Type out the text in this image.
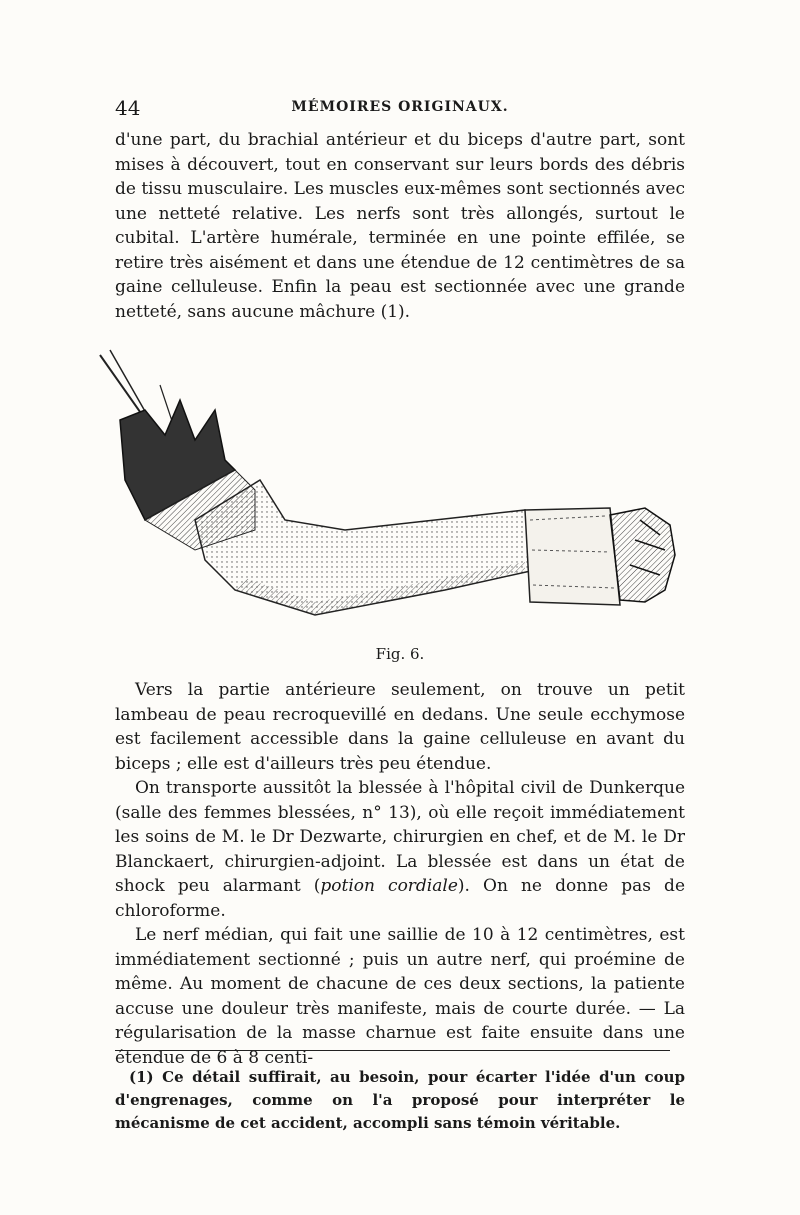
44	MÉMOIRES ORIGINAUX.

d'une part, du brachial antérieur et du biceps d'autre part, sont mises à découvert, tout en conservant sur leurs bords des débris de tissu musculaire. Les muscles eux-mêmes sont sectionnés avec une netteté relative. Les nerfs sont très allongés, surtout le cubital. L'artère humérale, terminée en une pointe effilée, se retire très aisément et dans une étendue de 12 centimètres de sa gaine celluleuse. Enfin la peau est sectionnée avec une grande netteté, sans aucune mâchure (1).

Fig. 6.

Vers la partie antérieure seulement, on trouve un petit lambeau de peau recroquevillé en dedans. Une seule ecchymose est facilement accessible dans la gaine celluleuse en avant du biceps ; elle est d'ailleurs très peu étendue.

On transporte aussitôt la blessée à l'hôpital civil de Dunkerque (salle des femmes blessées, n° 13), où elle reçoit immédiatement les soins de M. le Dr Dezwarte, chirurgien en chef, et de M. le Dr Blanckaert, chirurgien-adjoint. La blessée est dans un état de shock peu alarmant (potion cordiale). On ne donne pas de chloroforme.

Le nerf médian, qui fait une saillie de 10 à 12 centimètres, est immédiatement sectionné ; puis un autre nerf, qui proémine de même. Au moment de chacune de ces deux sections, la patiente accuse une douleur très manifeste, mais de courte durée. — La régularisation de la masse charnue est faite ensuite dans une étendue de 6 à 8 centi-

(1) Ce détail suffirait, au besoin, pour écarter l'idée d'un coup d'engrenages, comme on l'a proposé pour interpréter le mécanisme de cet accident, accompli sans témoin véritable.
